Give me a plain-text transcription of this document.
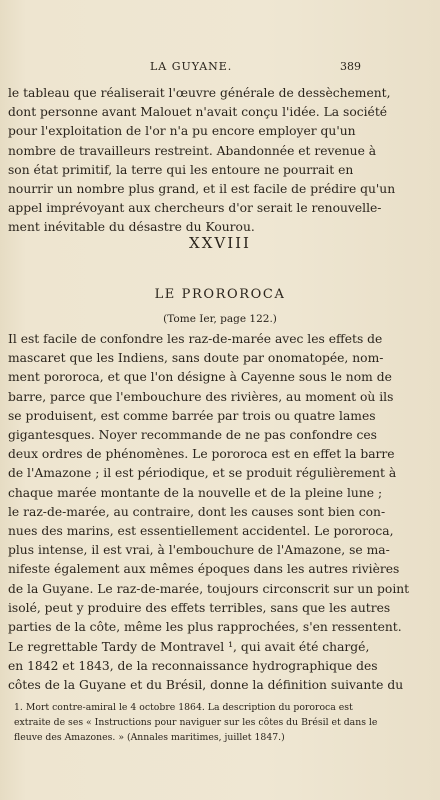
LA GUYANE.	389

le tableau que réaliserait l'œuvre générale de dessèchement,
dont personne avant Malouet n'avait conçu l'idée. La société
pour l'exploitation de l'or n'a pu encore employer qu'un
nombre de travailleurs restreint. Abandonnée et revenue à
son état primitif, la terre qui les entoure ne pourrait en
nourrir un nombre plus grand, et il est facile de prédire qu'un
appel imprévoyant aux chercheurs d'or serait le renouvelle-
ment inévitable du désastre du Kourou.

XXVIII
LE PROROROCA
(Tome Ier, page 122.)

Il est facile de confondre les raz-de-marée avec les effets de
mascaret que les Indiens, sans doute par onomatopée, nom-
ment pororoca, et que l'on désigne à Cayenne sous le nom de
barre, parce que l'embouchure des rivières, au moment où ils
se produisent, est comme barrée par trois ou quatre lames
gigantesques. Noyer recommande de ne pas confondre ces
deux ordres de phénomènes. Le pororoca est en effet la barre
de l'Amazone ; il est périodique, et se produit régulièrement à
chaque marée montante de la nouvelle et de la pleine lune ;
le raz-de-marée, au contraire, dont les causes sont bien con-
nues des marins, est essentiellement accidentel. Le pororoca,
plus intense, il est vrai, à l'embouchure de l'Amazone, se ma-
nifeste également aux mêmes époques dans les autres rivières
de la Guyane. Le raz-de-marée, toujours circonscrit sur un point
isolé, peut y produire des effets terribles, sans que les autres
parties de la côte, même les plus rapprochées, s'en ressentent.

Le regrettable Tardy de Montravel ¹, qui avait été chargé,
en 1842 et 1843, de la reconnaissance hydrographique des
côtes de la Guyane et du Brésil, donne la définition suivante du

1. Mort contre-amiral le 4 octobre 1864. La description du pororoca est
extraite de ses « Instructions pour naviguer sur les côtes du Brésil et dans le
fleuve des Amazones. » (Annales maritimes, juillet 1847.)
